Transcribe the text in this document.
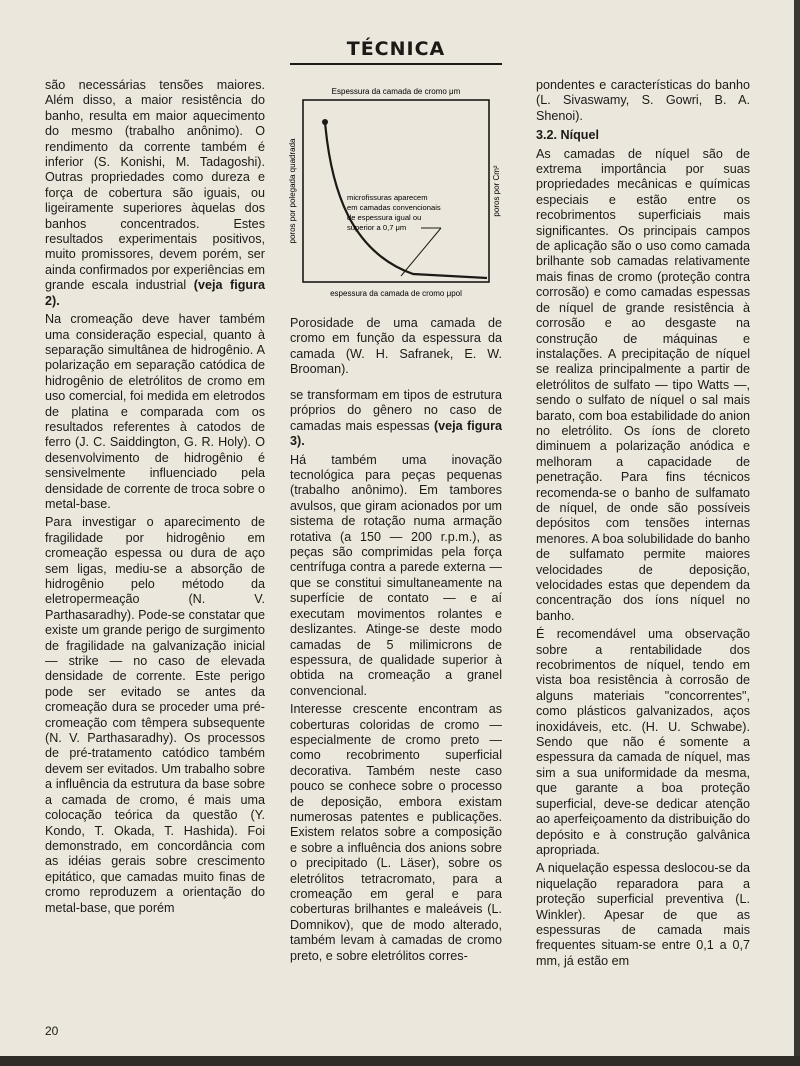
TÉCNICA

são necessárias tensões maiores. Além disso, a maior resistência do banho, resulta em maior aquecimento do mesmo (trabalho anônimo). O rendimento da corrente também é inferior (S. Konishi, M. Tadagoshi). Outras propriedades como dureza e força de cobertura são iguais, ou ligeiramente superiores àquelas dos banhos concentrados. Estes resultados experimentais positivos, muito promissores, devem porém, ser ainda confirmados por experiências em grande escala industrial (veja figura 2).

Na cromeação deve haver também uma consideração especial, quanto à separação simultânea de hidrogênio. A polarização em separação catódica de hidrogênio de eletrólitos de cromo em uso comercial, foi medida em eletrodos de platina e comparada com os resultados referentes à catodos de ferro (J. C. Saiddington, G. R. Holy). O desenvolvimento de hidrogênio é sensivelmente influenciado pela densidade de corrente de troca sobre o metal-base.

Para investigar o aparecimento de fragilidade por hidrogênio em cromeação espessa ou dura de aço sem ligas, mediu-se a absorção de hidrogênio pelo método da eletropermeação (N. V. Parthasaradhy). Pode-se constatar que existe um grande perigo de surgimento de fragilidade na galvanização inicial — strike — no caso de elevada densidade de corrente. Este perigo pode ser evitado se antes da cromeação dura se proceder uma pré-cromeação com têmpera subsequente (N. V. Parthasaradhy). Os processos de pré-tratamento catódico também devem ser evitados. Um trabalho sobre a influência da estrutura da base sobre a camada de cromo, é mais uma colocação teórica da questão (Y. Kondo, T. Okada, T. Hashida). Foi demonstrado, em concordância com as idéias gerais sobre crescimento epitático, que camadas muito finas de cromo reproduzem a orientação do metal-base, que porém

Espessura da camada de cromo μm
poros por polegada quadrada	poros por Cm²
microfissuras aparecem
em camadas convencionais
de espessura igual ou
superior a 0,7 μm
espessura da camada de cromo μpol
Porosidade de uma camada de cromo em função da espessura da camada (W. H. Safranek, E. W. Brooman).

se transformam em tipos de estrutura próprios do gênero no caso de camadas mais espessas (veja figura 3).

Há também uma inovação tecnológica para peças pequenas (trabalho anônimo). Em tambores avulsos, que giram acionados por um sistema de rotação numa armação rotativa (a 150 — 200 r.p.m.), as peças são comprimidas pela força centrífuga contra a parede externa — que se constitui simultaneamente na superfície de contato — e aí executam movimentos rolantes e deslizantes. Atinge-se deste modo camadas de 5 milimicrons de espessura, de qualidade superior à obtida na cromeação a granel convencional.

Interesse crescente encontram as coberturas coloridas de cromo — especialmente de cromo preto — como recobrimento superficial decorativa. Também neste caso pouco se conhece sobre o processo de deposição, embora existam numerosas patentes e publicações. Existem relatos sobre a composição e sobre a influência dos anions sobre o precipitado (L. Läser), sobre os eletrólitos tetracromato, para a cromeação em geral e para coberturas brilhantes e maleáveis (L. Domnikov), que de modo alterado, também levam à camadas de cromo preto, e sobre eletrólitos corres-

pondentes e características do banho (L. Sivaswamy, S. Gowri, B. A. Shenoi).

3.2. Níquel

As camadas de níquel são de extrema importância por suas propriedades mecânicas e químicas especiais e estão entre os recobrimentos superficiais mais significantes. Os principais campos de aplicação são o uso como camada brilhante sob camadas relativamente mais finas de cromo (proteção contra corrosão) e como camadas espessas de níquel de grande resistência à corrosão e ao desgaste na construção de máquinas e instalações. A precipitação de níquel se realiza principalmente a partir de eletrólitos de sulfato — tipo Watts —, sendo o sulfato de níquel o sal mais barato, com boa estabilidade do anion no eletrólito. Os íons de cloreto diminuem a polarização anódica e melhoram a capacidade de penetração. Para fins técnicos recomenda-se o banho de sulfamato de níquel, de onde são possíveis depósitos com tensões internas menores. A boa solubilidade do banho de sulfamato permite maiores velocidades de deposição, velocidades estas que dependem da concentração dos íons níquel no banho.

É recomendável uma observação sobre a rentabilidade dos recobrimentos de níquel, tendo em vista boa resistência à corrosão de alguns materiais "concorrentes", como plásticos galvanizados, aços inoxidáveis, etc. (H. U. Schwabe). Sendo que não é somente a espessura da camada de níquel, mas sim a sua uniformidade da mesma, que garante a boa proteção superficial, deve-se dedicar atenção ao aperfeiçoamento da distribuição do depósito e à construção galvânica apropriada.

A niquelação espessa deslocou-se da niquelação reparadora para a proteção superficial preventiva (L. Winkler). Apesar de que as espessuras de camada mais frequentes situam-se entre 0,1 a 0,7 mm, já estão em

20
